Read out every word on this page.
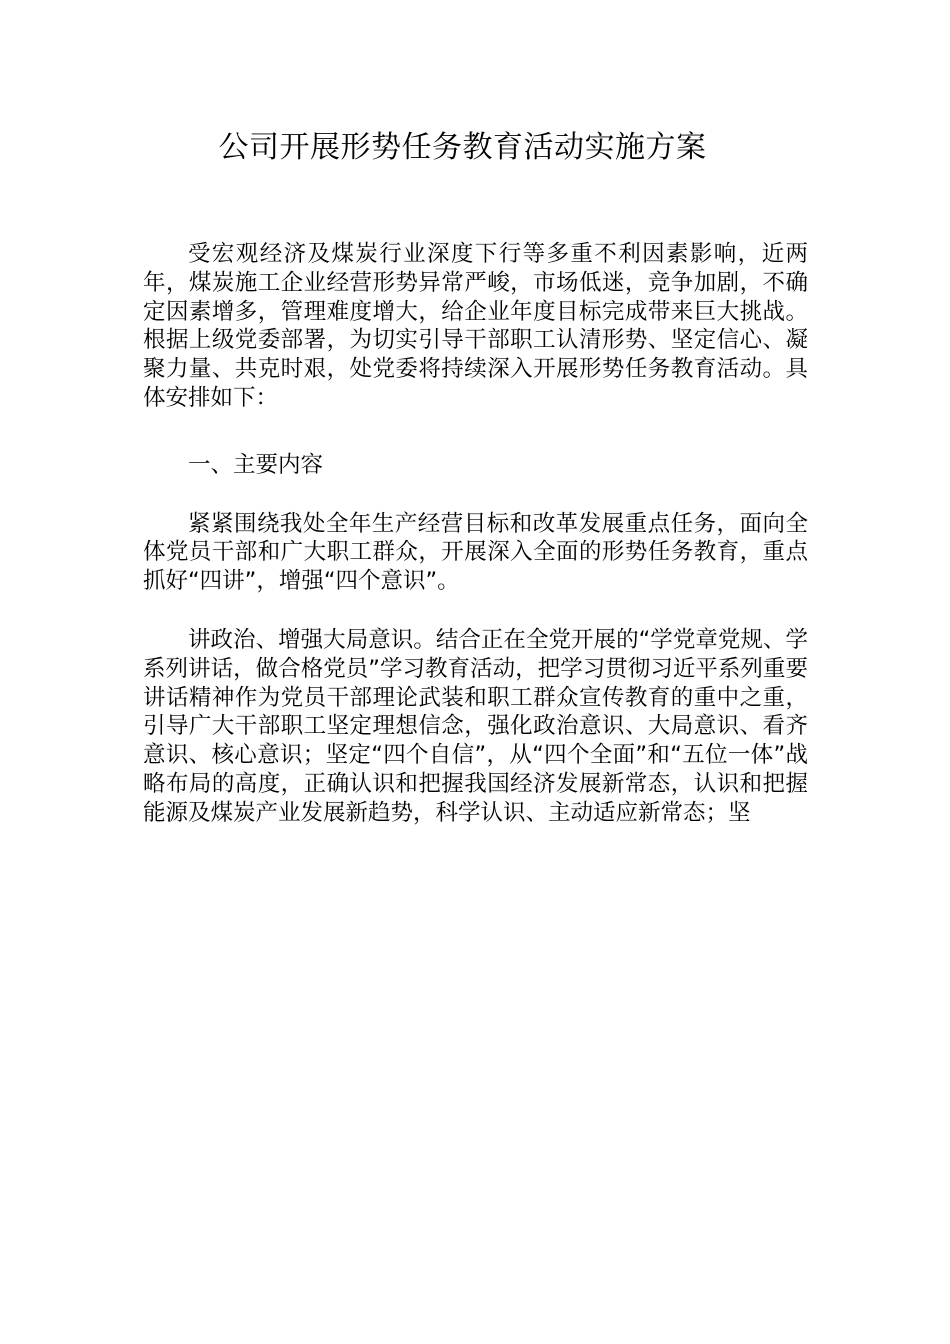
公司开展形势任务教育活动实施方案

受宏观经济及煤炭行业深度下行等多重不利因素影响，近两年，煤炭施工企业经营形势异常严峻，市场低迷，竞争加剧，不确定因素增多，管理难度增大，给企业年度目标完成带来巨大挑战。根据上级党委部署，为切实引导干部职工认清形势、坚定信心、凝聚力量、共克时艰，处党委将持续深入开展形势任务教育活动。具体安排如下：

一、主要内容

紧紧围绕我处全年生产经营目标和改革发展重点任务，面向全体党员干部和广大职工群众，开展深入全面的形势任务教育，重点抓好“四讲”，增强“四个意识”。

讲政治、增强大局意识。结合正在全党开展的“学党章党规、学系列讲话，做合格党员”学习教育活动，把学习贯彻习近平系列重要讲话精神作为党员干部理论武装和职工群众宣传教育的重中之重，引导广大干部职工坚定理想信念，强化政治意识、大局意识、看齐意识、核心意识；坚定“四个自信”，从“四个全面”和“五位一体”战略布局的高度，正确认识和把握我国经济发展新常态，认识和把握能源及煤炭产业发展新趋势，科学认识、主动适应新常态；坚
